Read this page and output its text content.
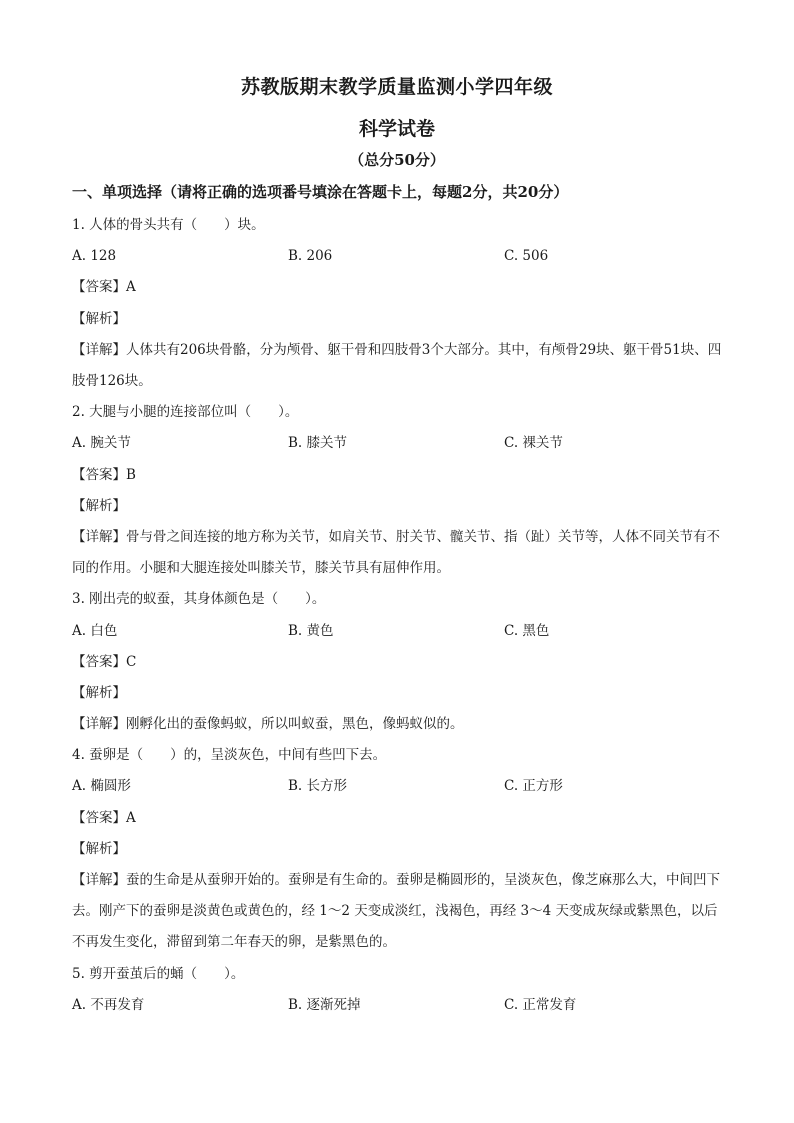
苏教版期末教学质量监测小学四年级
科学试卷
（总分50分）
一、单项选择（请将正确的选项番号填涂在答题卡上，每题2分，共20分）
1. 人体的骨头共有（　　）块。
A. 128	B. 206	C. 506
【答案】A
【解析】
【详解】人体共有206块骨骼，分为颅骨、躯干骨和四肢骨3个大部分。其中，有颅骨29块、躯干骨51块、四肢骨126块。
2. 大腿与小腿的连接部位叫（　　）。
A. 腕关节	B. 膝关节	C. 裸关节
【答案】B
【解析】
【详解】骨与骨之间连接的地方称为关节，如肩关节、肘关节、髋关节、指（趾）关节等，人体不同关节有不同的作用。小腿和大腿连接处叫膝关节，膝关节具有屈伸作用。
3. 刚出壳的蚁蚕，其身体颜色是（　　）。
A. 白色	B. 黄色	C. 黑色
【答案】C
【解析】
【详解】刚孵化出的蚕像蚂蚁，所以叫蚁蚕，黑色，像蚂蚁似的。
4. 蚕卵是（　　）的，呈淡灰色，中间有些凹下去。
A. 椭圆形	B. 长方形	C. 正方形
【答案】A
【解析】
【详解】蚕的生命是从蚕卵开始的。蚕卵是有生命的。蚕卵是椭圆形的，呈淡灰色，像芝麻那么大，中间凹下去。刚产下的蚕卵是淡黄色或黄色的，经 1～2 天变成淡红，浅褐色，再经 3～4 天变成灰绿或紫黑色，以后不再发生变化，滞留到第二年春天的卵，是紫黑色的。
5. 剪开蚕茧后的蛹（　　）。
A. 不再发育	B. 逐渐死掉	C. 正常发育
